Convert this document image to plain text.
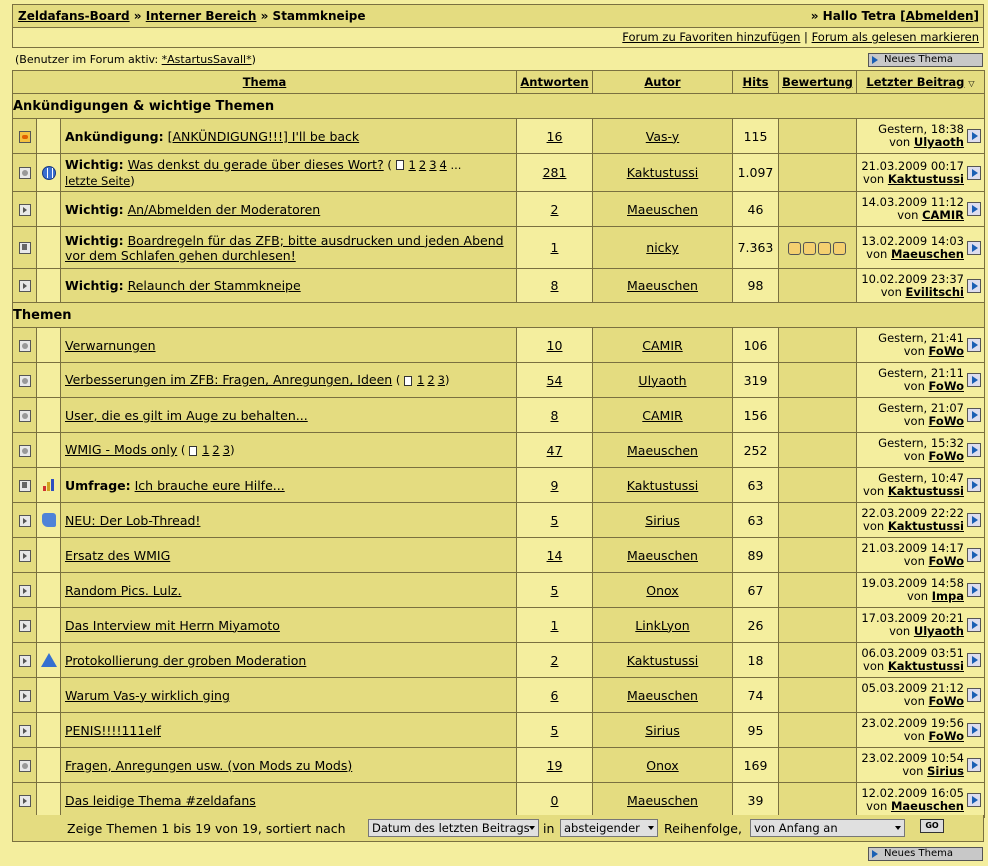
Zeldafans-Board » Interner Bereich » Stammkneipe	» Hallo Tetra [Abmelden]
Forum zu Favoriten hinzufügen | Forum als gelesen markieren
(Benutzer im Forum aktiv: *AstartusSavall*)	Neues Thema
Thema			Antworten	Autor	Hits	Bewertung	Letzter Beitrag ▽
Ankündigungen & wichtige Themen							
		Ankündigung: [ANKÜNDIGUNG!!!] I'll be back	16	Vas-y	115		Gestern, 18:38
von Ulyaoth

		Wichtig: Was denkst du gerade über dieses Wort? ( 1 2 3 4 ...
letzte Seite)	281	Kaktustussi	1.097		21.03.2009 00:17
von Kaktustussi

		Wichtig: An/Abmelden der Moderatoren	2	Maeuschen	46		14.03.2009 11:12
von CAMIR

		Wichtig: Boardregeln für das ZFB; bitte ausdrucken und jeden Abend vor dem Schlafen gehen durchlesen!	1	nicky	7.363		13.02.2009 14:03
von Maeuschen

		Wichtig: Relaunch der Stammkneipe	8	Maeuschen	98		10.02.2009 23:37
von Evilitschi

Themen							
		Verwarnungen	10	CAMIR	106		Gestern, 21:41
von FoWo

		Verbesserungen im ZFB: Fragen, Anregungen, Ideen ( 1 2 3)	54	Ulyaoth	319		Gestern, 21:11
von FoWo

		User, die es gilt im Auge zu behalten...	8	CAMIR	156		Gestern, 21:07
von FoWo

		WMIG - Mods only ( 1 2 3)	47	Maeuschen	252		Gestern, 15:32
von FoWo

	Umfrage: Ich brauche eure Hilfe...	9	Kaktustussi	63		Gestern, 10:47
von Kaktustussi

		NEU: Der Lob-Thread!	5	Sirius	63		22.03.2009 22:22
von Kaktustussi

		Ersatz des WMIG	14	Maeuschen	89		21.03.2009 14:17
von FoWo

		Random Pics. Lulz.	5	Onox	67		19.03.2009 14:58
von Impa

		Das Interview mit Herrn Miyamoto	1	LinkLyon	26		17.03.2009 20:21
von Ulyaoth

		Protokollierung der groben Moderation	2	Kaktustussi	18		06.03.2009 03:51
von Kaktustussi

		Warum Vas-y wirklich ging	6	Maeuschen	74		05.03.2009 21:12
von FoWo

		PENIS!!!!111elf	5	Sirius	95		23.02.2009 19:56
von FoWo

		Fragen, Anregungen usw. (von Mods zu Mods)	19	Onox	169		23.02.2009 10:54
von Sirius

		Das leidige Thema #zeldafans	0	Maeuschen	39		12.02.2009 16:05
von Maeuschen
Zeige Themen 1 bis 19 von 19, sortiert nach	Datum des letzten Beitrags	in absteigender	Reihenfolge,	von Anfang an	GO
Neues Thema
